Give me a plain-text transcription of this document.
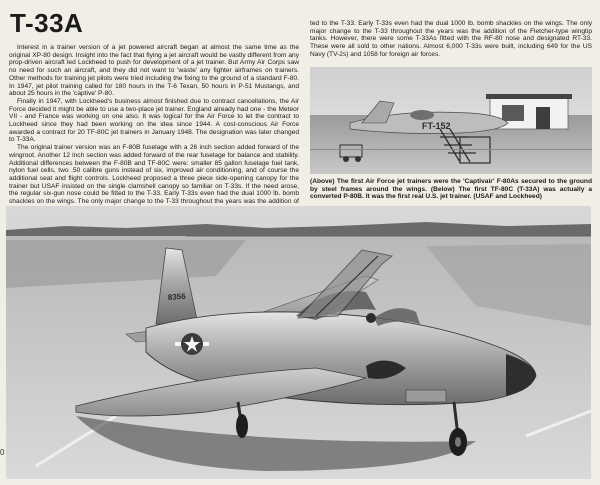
T-33A

Interest in a trainer version of a jet powered aircraft began at almost the same time as the original XP-80 design. Insight into the fact that flying a jet aircraft would be vastly different from any prop-driven aircraft led Lockheed to push for development of a jet trainer. But Army Air Corps saw no need for such an aircraft, and they did not want to 'waste' any fighter airframes on trainers. Other methods for training jet pilots were tried including the fixing to the ground of a standard F-80. In 1947, jet pilot training called for 180 hours in the T-6 Texan, 50 hours in P-51 Mustangs, and about 25 hours in the 'captive' P-80.

Finally in 1947, with Lockheed's business almost finished due to contract cancellations, the Air Force decided it might be able to use a two-place jet trainer. England already had one - the Meteor VII - and France was working on one also. It was logical for the Air Force to let the contract to Lockheed since they had been working on the idea since 1944. A cost-conscious Air Force awarded a contract for 20 TF-80C jet trainers in January 1948. The designation was later changed to T-33A.

The original trainer version was an F-80B fuselage with a 26 inch section added forward of the wingroot. Another 12 inch section was added forward of the rear fuselage for balance and stability. Additional differences between the F-80B and TF-80C were: smaller 85 gallon fuselage fuel tank, nylon fuel cells, two .50 calibre guns instead of six, improved air conditioning, and of course the additional seat and flight controls. Lockheed proposed a three piece side-opening canopy for the trainer but USAF insisted on the single clamshell canopy so familiar on T-33s. If the need arose, the regular six-gun nose could be fitted to the T-33. Early T-33s even had the dual 1000 lb. bomb shackles on the wings. The only major change to the T-33 throughout the years was the addition of

ted to the T-33. Early T-33s even had the dual 1000 lb. bomb shackles on the wings. The only major change to the T-33 throughout the years was the addition of the Fletcher-type wingtip tanks. However, there were some T-33As fitted with the RF-80 nose and designated RT-33. These were all sold to other nations. Almost 6,000 T-33s were built, including 649 for the US Navy (TV-2s) and 1058 for foreign air forces.

FT-152

(Above) The first Air Force jet trainers were the 'Captivair' F-80As secured to the ground by steel frames around the wings. (Below) The first TF-80C (T-33A) was actually a converted P-80B. It was the first real U.S. jet trainer. (USAF and Lockheed)

8356
0
